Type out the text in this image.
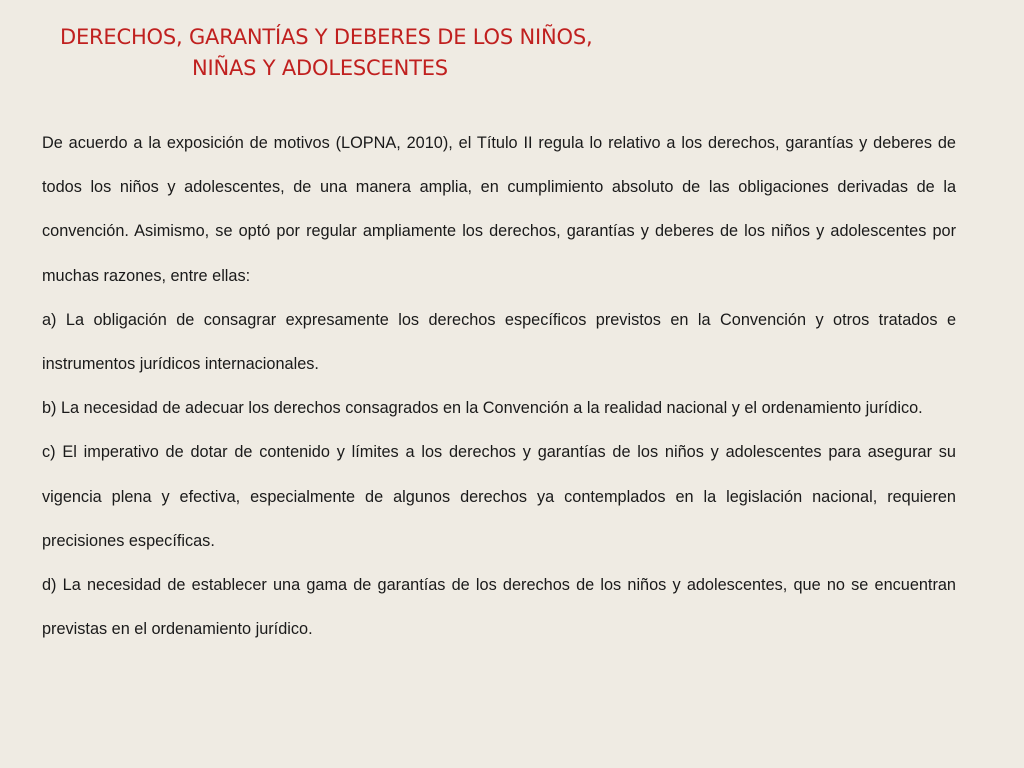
DERECHOS, GARANTÍAS Y DEBERES DE LOS NIÑOS,
NIÑAS Y ADOLESCENTES

De acuerdo a la exposición de motivos (LOPNA, 2010), el Título II regula lo relativo a los derechos, garantías y deberes de todos los niños y adolescentes, de una manera amplia, en cumplimiento absoluto de las obligaciones derivadas de la convención. Asimismo, se optó por regular ampliamente los derechos, garantías y deberes de los niños y adolescentes por muchas razones, entre ellas:

a) La obligación de consagrar expresamente los derechos específicos previstos en la Convención y otros tratados e instrumentos jurídicos internacionales.

b) La necesidad de adecuar los derechos consagrados en la Convención a la realidad nacional y el ordenamiento jurídico.

c) El imperativo de dotar de contenido y límites a los derechos y garantías de los niños y adolescentes para asegurar su vigencia plena y efectiva, especialmente de algunos derechos ya contemplados en la legislación nacional, requieren precisiones específicas.

d) La necesidad de establecer una gama de garantías de los derechos de los niños y adolescentes, que no se encuentran previstas en el ordenamiento jurídico.
